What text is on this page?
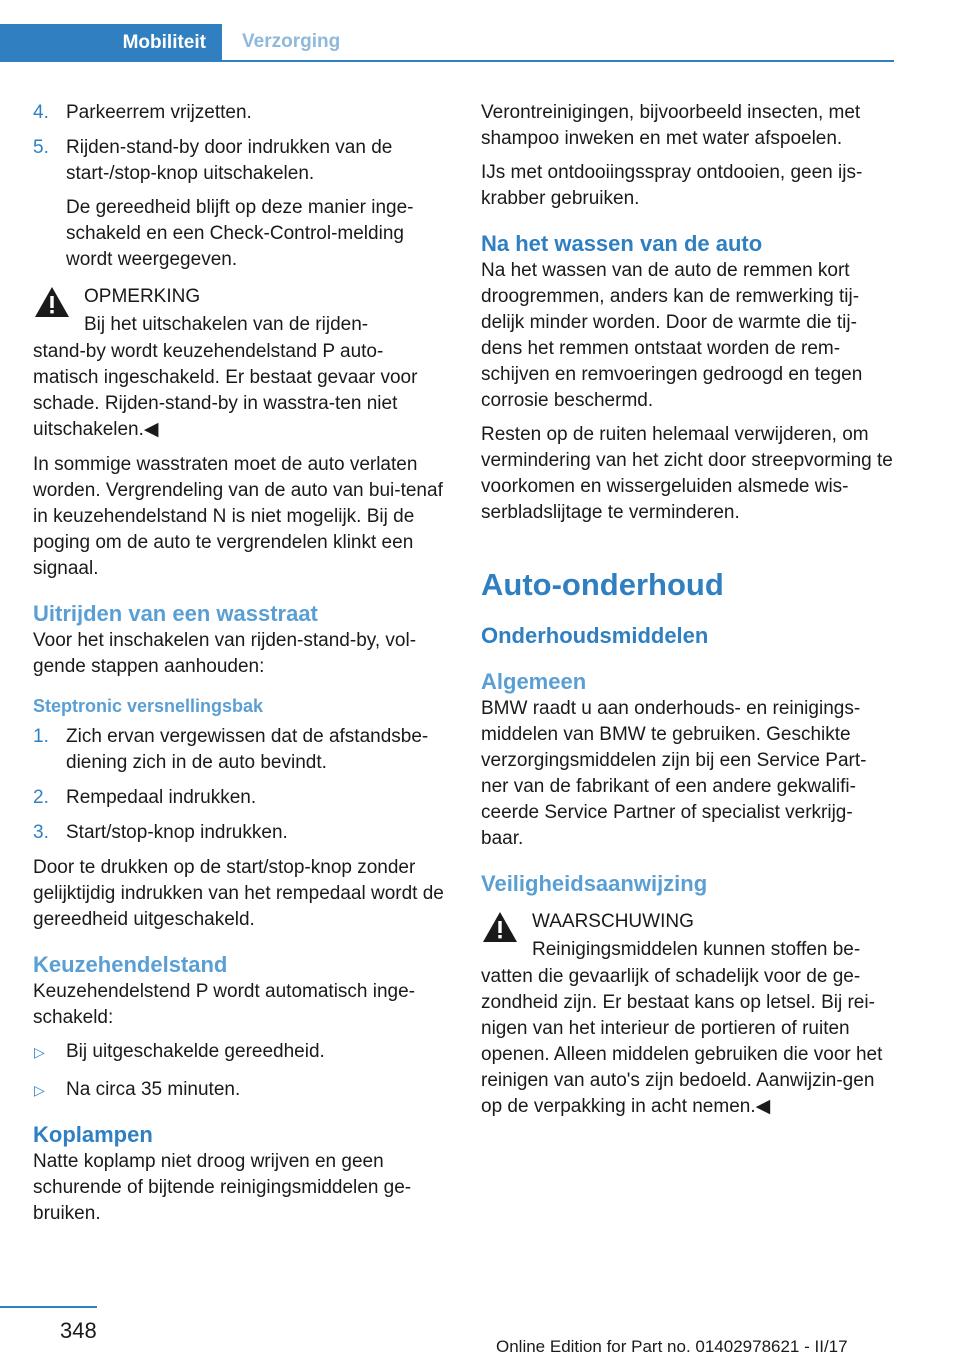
Mobiliteit Verzorging
4. Parkeerrem vrijzetten.
5. Rijden-stand-by door indrukken van de start-/stop-knop uitschakelen.
De gereedheid blijft op deze manier inge-schakeld en een Check-Control-melding wordt weergegeven.
OPMERKING
Bij het uitschakelen van de rijden-
stand-by wordt keuzehendelstand P auto-matisch ingeschakeld. Er bestaat gevaar voor schade. Rijden-stand-by in wasstra-ten niet uitschakelen.◀

In sommige wasstraten moet de auto verlaten worden. Vergrendeling van de auto van bui-tenaf in keuzehendelstand N is niet mogelijk. Bij de poging om de auto te vergrendelen klinkt een signaal.

Uitrijden van een wasstraat

Voor het inschakelen van rijden-stand-by, vol-gende stappen aanhouden:

Steptronic versnellingsbak
1. Zich ervan vergewissen dat de afstandsbe-diening zich in de auto bevindt.
2. Rempedaal indrukken.
3. Start/stop-knop indrukken.

Door te drukken op de start/stop-knop zonder gelijktijdig indrukken van het rempedaal wordt de gereedheid uitgeschakeld.

Keuzehendelstand

Keuzehendelstend P wordt automatisch inge-schakeld:

▷ Bij uitgeschakelde gereedheid.
▷ Na circa 35 minuten.
Koplampen

Natte koplamp niet droog wrijven en geen schurende of bijtende reinigingsmiddelen ge-bruiken.

Verontreinigingen, bijvoorbeeld insecten, met shampoo inweken en met water afspoelen.

IJs met ontdooiingsspray ontdooien, geen ijs-krabber gebruiken.

Na het wassen van de auto

Na het wassen van de auto de remmen kort droogremmen, anders kan de remwerking tij-delijk minder worden. Door de warmte die tij-dens het remmen ontstaat worden de rem-schijven en remvoeringen gedroogd en tegen corrosie beschermd.

Resten op de ruiten helemaal verwijderen, om vermindering van het zicht door streepvorming te voorkomen en wissergeluiden alsmede wis-serbladslijtage te verminderen.

Auto-onderhoud
Onderhoudsmiddelen
Algemeen

BMW raadt u aan onderhouds- en reinigings-middelen van BMW te gebruiken. Geschikte verzorgingsmiddelen zijn bij een Service Part-ner van de fabrikant of een andere gekwalifi-ceerde Service Partner of specialist verkrijg-baar.

Veiligheidsaanwijzing
WAARSCHUWING
Reinigingsmiddelen kunnen stoffen be-
vatten die gevaarlijk of schadelijk voor de ge-zondheid zijn. Er bestaat kans op letsel. Bij rei-nigen van het interieur de portieren of ruiten openen. Alleen middelen gebruiken die voor het reinigen van auto's zijn bedoeld. Aanwijzin-gen op de verpakking in acht nemen.◀
348
Online Edition for Part no. 01402978621 - II/17
